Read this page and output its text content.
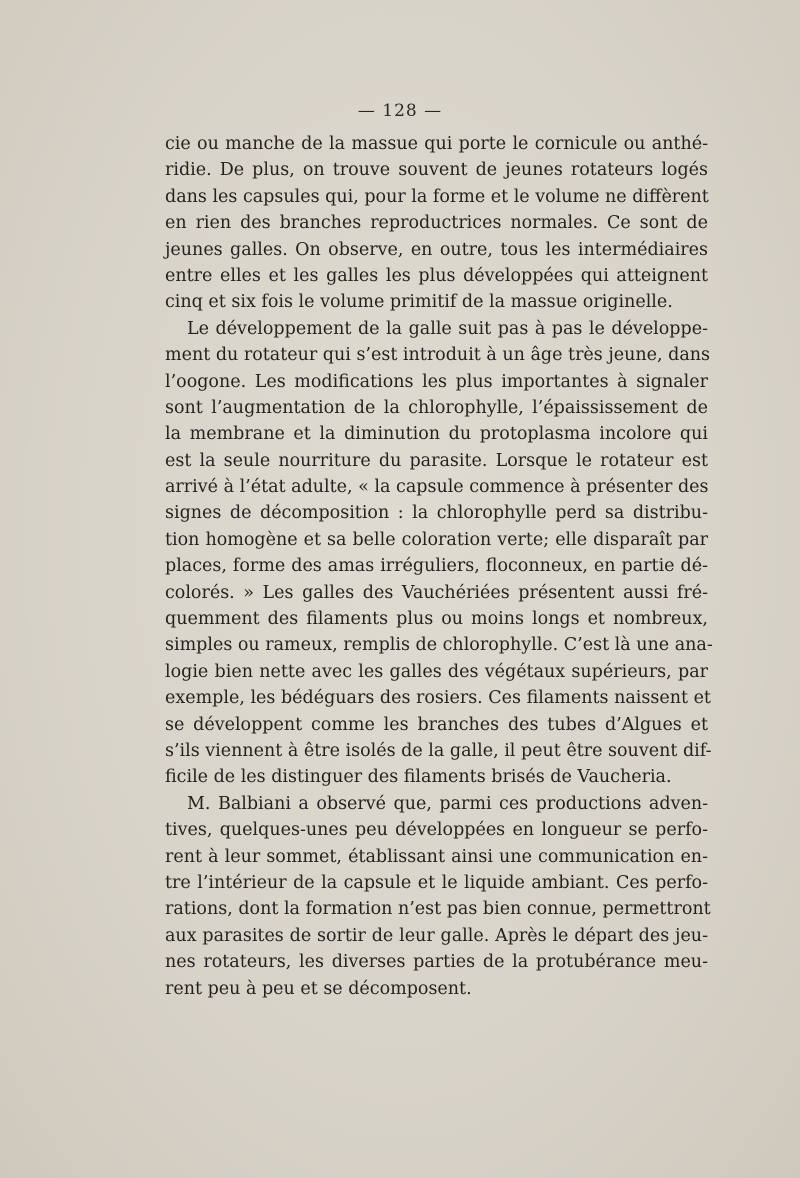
— 128 —
cie ou manche de la massue qui porte le cornicule ou anthé-
ridie. De plus, on trouve souvent de jeunes rotateurs logés
dans les capsules qui, pour la forme et le volume ne diffèrent
en rien des branches reproductrices normales. Ce sont de
jeunes galles. On observe, en outre, tous les intermédiaires
entre elles et les galles les plus développées qui atteignent
cinq et six fois le volume primitif de la massue originelle.
Le développement de la galle suit pas à pas le développe-
ment du rotateur qui s’est introduit à un âge très jeune, dans
l’oogone. Les modifications les plus importantes à signaler
sont l’augmentation de la chlorophylle, l’épaississement de
la membrane et la diminution du protoplasma incolore qui
est la seule nourriture du parasite. Lorsque le rotateur est
arrivé à l’état adulte, « la capsule commence à présenter des
signes de décomposition : la chlorophylle perd sa distribu-
tion homogène et sa belle coloration verte; elle disparaît par
places, forme des amas irréguliers, floconneux, en partie dé-
colorés. » Les galles des Vauchériées présentent aussi fré-
quemment des filaments plus ou moins longs et nombreux,
simples ou rameux, remplis de chlorophylle. C’est là une ana-
logie bien nette avec les galles des végétaux supérieurs, par
exemple, les bédéguars des rosiers. Ces filaments naissent et
se développent comme les branches des tubes d’Algues et
s’ils viennent à être isolés de la galle, il peut être souvent dif-
ficile de les distinguer des filaments brisés de Vaucheria.
M. Balbiani a observé que, parmi ces productions adven-
tives, quelques-unes peu développées en longueur se perfo-
rent à leur sommet, établissant ainsi une communication en-
tre l’intérieur de la capsule et le liquide ambiant. Ces perfo-
rations, dont la formation n’est pas bien connue, permettront
aux parasites de sortir de leur galle. Après le départ des jeu-
nes rotateurs, les diverses parties de la protubérance meu-
rent peu à peu et se décomposent.
